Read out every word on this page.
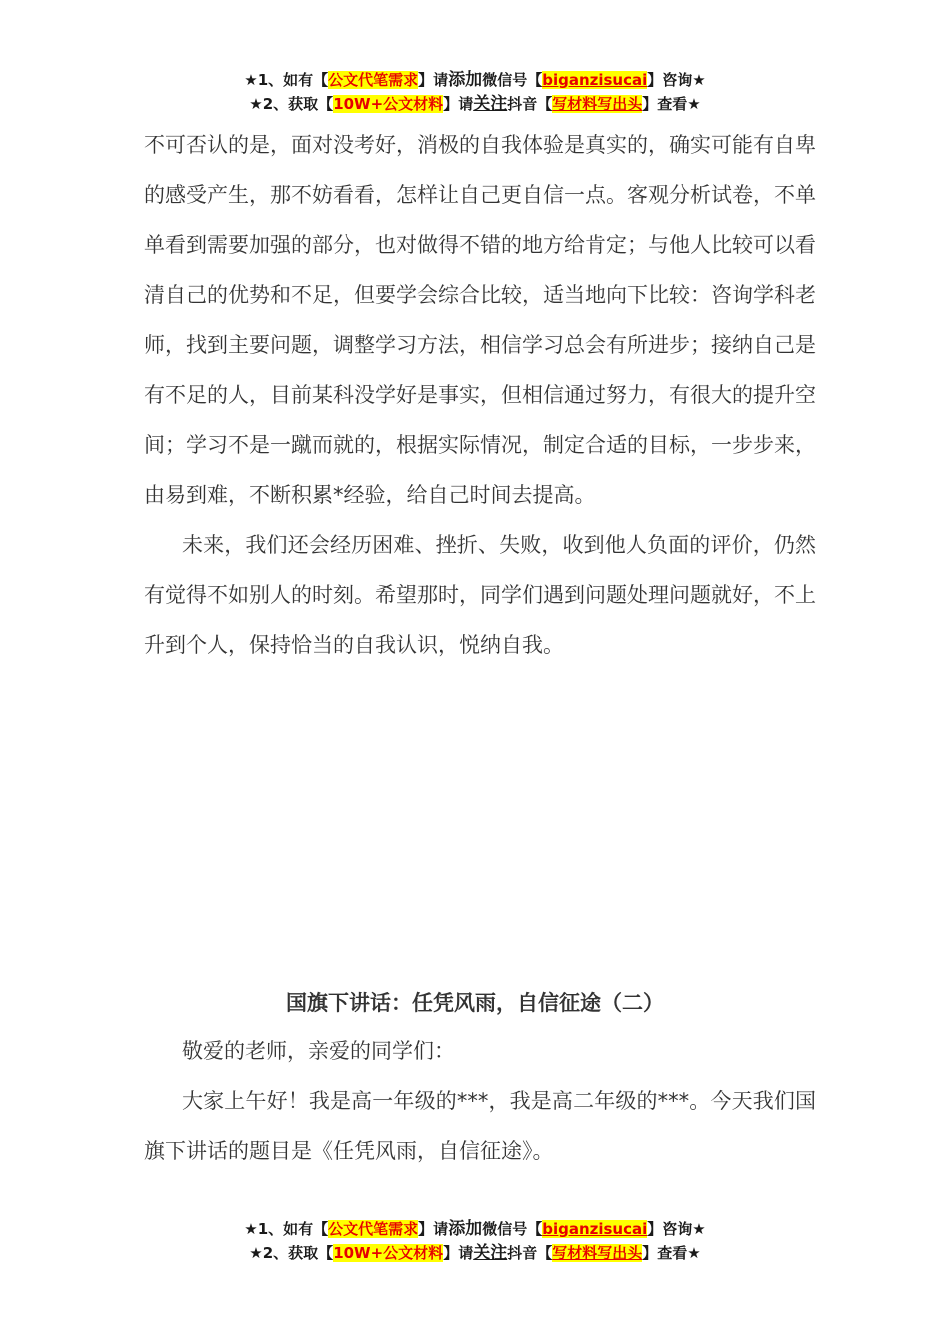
★1、如有【公文代笔需求】请添加微信号【biganzisucai】咨询★
★2、获取【10W+公文材料】请关注抖音【写材料写出头】查看★

不可否认的是，面对没考好，消极的自我体验是真实的，确实可能有自卑的感受产生，那不妨看看，怎样让自己更自信一点。客观分析试卷，不单单看到需要加强的部分，也对做得不错的地方给肯定；与他人比较可以看清自己的优势和不足，但要学会综合比较，适当地向下比较：咨询学科老师，找到主要问题，调整学习方法，相信学习总会有所进步；接纳自己是有不足的人，目前某科没学好是事实，但相信通过努力，有很大的提升空间；学习不是一蹴而就的，根据实际情况，制定合适的目标，一步步来，由易到难，不断积累*经验，给自己时间去提高。

未来，我们还会经历困难、挫折、失败，收到他人负面的评价，仍然有觉得不如别人的时刻。希望那时，同学们遇到问题处理问题就好，不上升到个人，保持恰当的自我认识，悦纳自我。

国旗下讲话：任凭风雨，自信征途（二）

敬爱的老师，亲爱的同学们：

大家上午好！我是高一年级的***，我是高二年级的***。今天我们国旗下讲话的题目是《任凭风雨，自信征途》。

★1、如有【公文代笔需求】请添加微信号【biganzisucai】咨询★
★2、获取【10W+公文材料】请关注抖音【写材料写出头】查看★
